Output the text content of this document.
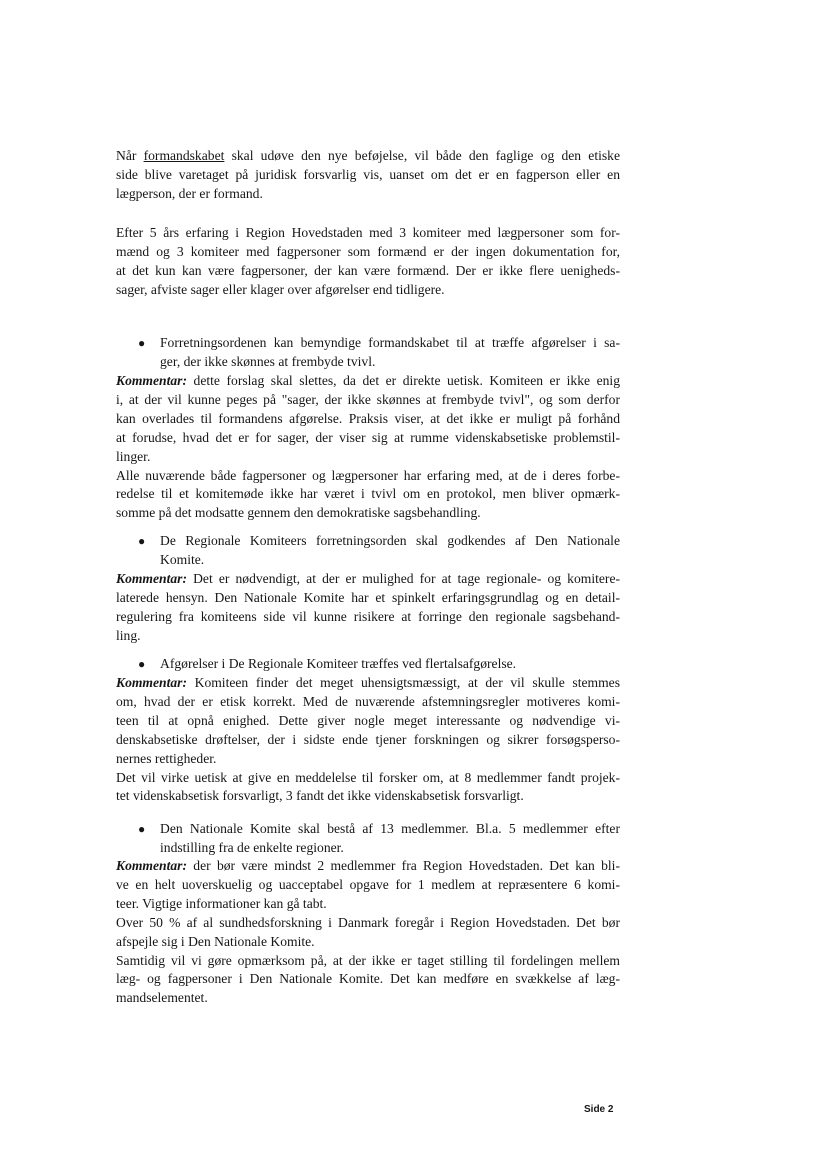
Når formandskabet skal udøve den nye beføjelse, vil både den faglige og den etiske
side blive varetaget på juridisk forsvarlig vis, uanset om det er en fagperson eller en
lægperson, der er formand.

Efter 5 års erfaring i Region Hovedstaden med 3 komiteer med lægpersoner som for-
mænd og 3 komiteer med fagpersoner som formænd er der ingen dokumentation for,
at det kun kan være fagpersoner, der kan være formænd. Der er ikke flere uenigheds-
sager, afviste sager eller klager over afgørelser end tidligere.

● Forretningsordenen kan bemyndige formandskabet til at træffe afgørelser i sa-
ger, der ikke skønnes at frembyde tvivl.

Kommentar: dette forslag skal slettes, da det er direkte uetisk. Komiteen er ikke enig
i, at der vil kunne peges på "sager, der ikke skønnes at frembyde tvivl", og som derfor
kan overlades til formandens afgørelse. Praksis viser, at det ikke er muligt på forhånd
at forudse, hvad det er for sager, der viser sig at rumme videnskabsetiske problemstil-
linger.
Alle nuværende både fagpersoner og lægpersoner har erfaring med, at de i deres forbe-
redelse til et komitemøde ikke har været i tvivl om en protokol, men bliver opmærk-
somme på det modsatte gennem den demokratiske sagsbehandling.

● De Regionale Komiteers forretningsorden skal godkendes af Den Nationale
Komite.

Kommentar: Det er nødvendigt, at der er mulighed for at tage regionale- og komitere-
laterede hensyn. Den Nationale Komite har et spinkelt erfaringsgrundlag og en detail-
regulering fra komiteens side vil kunne risikere at forringe den regionale sagsbehand-
ling.

● Afgørelser i De Regionale Komiteer træffes ved flertalsafgørelse.

Kommentar: Komiteen finder det meget uhensigtsmæssigt, at der vil skulle stemmes
om, hvad der er etisk korrekt. Med de nuværende afstemningsregler motiveres komi-
teen til at opnå enighed. Dette giver nogle meget interessante og nødvendige vi-
denskabsetiske drøftelser, der i sidste ende tjener forskningen og sikrer forsøgsperso-
nernes rettigheder.
Det vil virke uetisk at give en meddelelse til forsker om, at 8 medlemmer fandt projek-
tet videnskabsetisk forsvarligt, 3 fandt det ikke videnskabsetisk forsvarligt.

● Den Nationale Komite skal bestå af 13 medlemmer. Bl.a. 5 medlemmer efter
indstilling fra de enkelte regioner.

Kommentar: der bør være mindst 2 medlemmer fra Region Hovedstaden. Det kan bli-
ve en helt uoverskuelig og uacceptabel opgave for 1 medlem at repræsentere 6 komi-
teer. Vigtige informationer kan gå tabt.
Over 50 % af al sundhedsforskning i Danmark foregår i Region Hovedstaden. Det bør
afspejle sig i Den Nationale Komite.
Samtidig vil vi gøre opmærksom på, at der ikke er taget stilling til fordelingen mellem
læg- og fagpersoner i Den Nationale Komite. Det kan medføre en svækkelse af læg-
mandselementet.

Side 2
